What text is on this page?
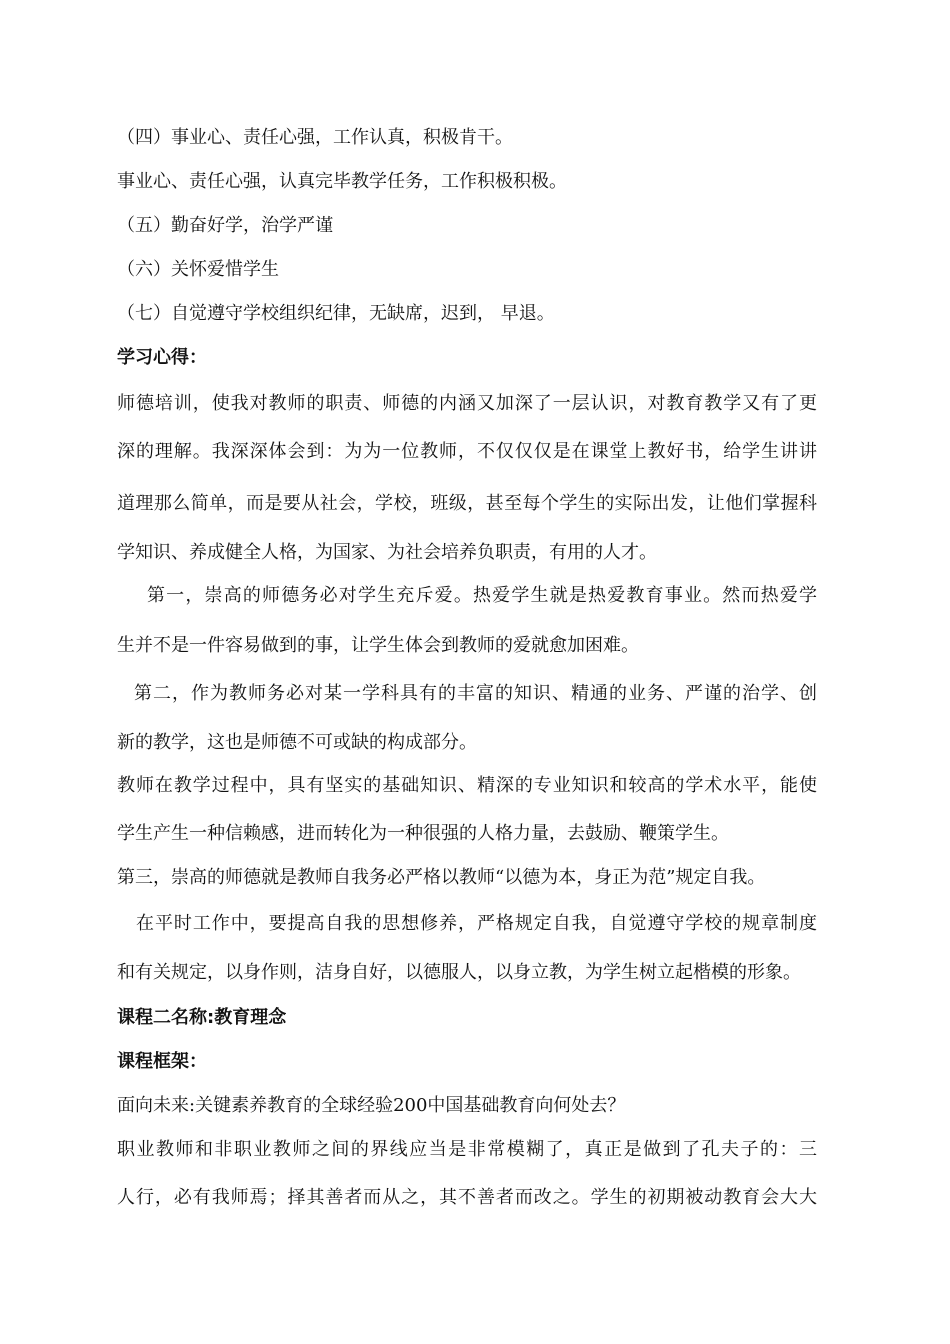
（四）事业心、责任心强，工作认真，积极肯干。
事业心、责任心强，认真完毕教学任务，工作积极积极。
（五）勤奋好学，治学严谨
（六）关怀爱惜学生
（七）自觉遵守学校组织纪律，无缺席，迟到， 早退。
学习心得：
师德培训，使我对教师的职责、师德的内涵又加深了一层认识，对教育教学又有了更
深的理解。我深深体会到：为为一位教师，不仅仅仅是在课堂上教好书，给学生讲讲
道理那么简单，而是要从社会，学校，班级，甚至每个学生的实际出发，让他们掌握科
学知识、养成健全人格，为国家、为社会培养负职责，有用的人才。
第一，崇高的师德务必对学生充斥爱。热爱学生就是热爱教育事业。然而热爱学
生并不是一件容易做到的事，让学生体会到教师的爱就愈加困难。
第二，作为教师务必对某一学科具有的丰富的知识、精通的业务、严谨的治学、创
新的教学，这也是师德不可或缺的构成部分。
教师在教学过程中，具有坚实的基础知识、精深的专业知识和较高的学术水平，能使
学生产生一种信赖感，进而转化为一种很强的人格力量，去鼓励、鞭策学生。
第三，崇高的师德就是教师自我务必严格以教师“以德为本，身正为范”规定自我。
在平时工作中，要提高自我的思想修养，严格规定自我，自觉遵守学校的规章制度
和有关规定，以身作则，洁身自好，以德服人，以身立教，为学生树立起楷模的形象。
课程二名称:教育理念
课程框架：
面向未来:关键素养教育的全球经验200中国基础教育向何处去？
职业教师和非职业教师之间的界线应当是非常模糊了，真正是做到了孔夫子的：三
人行，必有我师焉；择其善者而从之，其不善者而改之。学生的初期被动教育会大大
